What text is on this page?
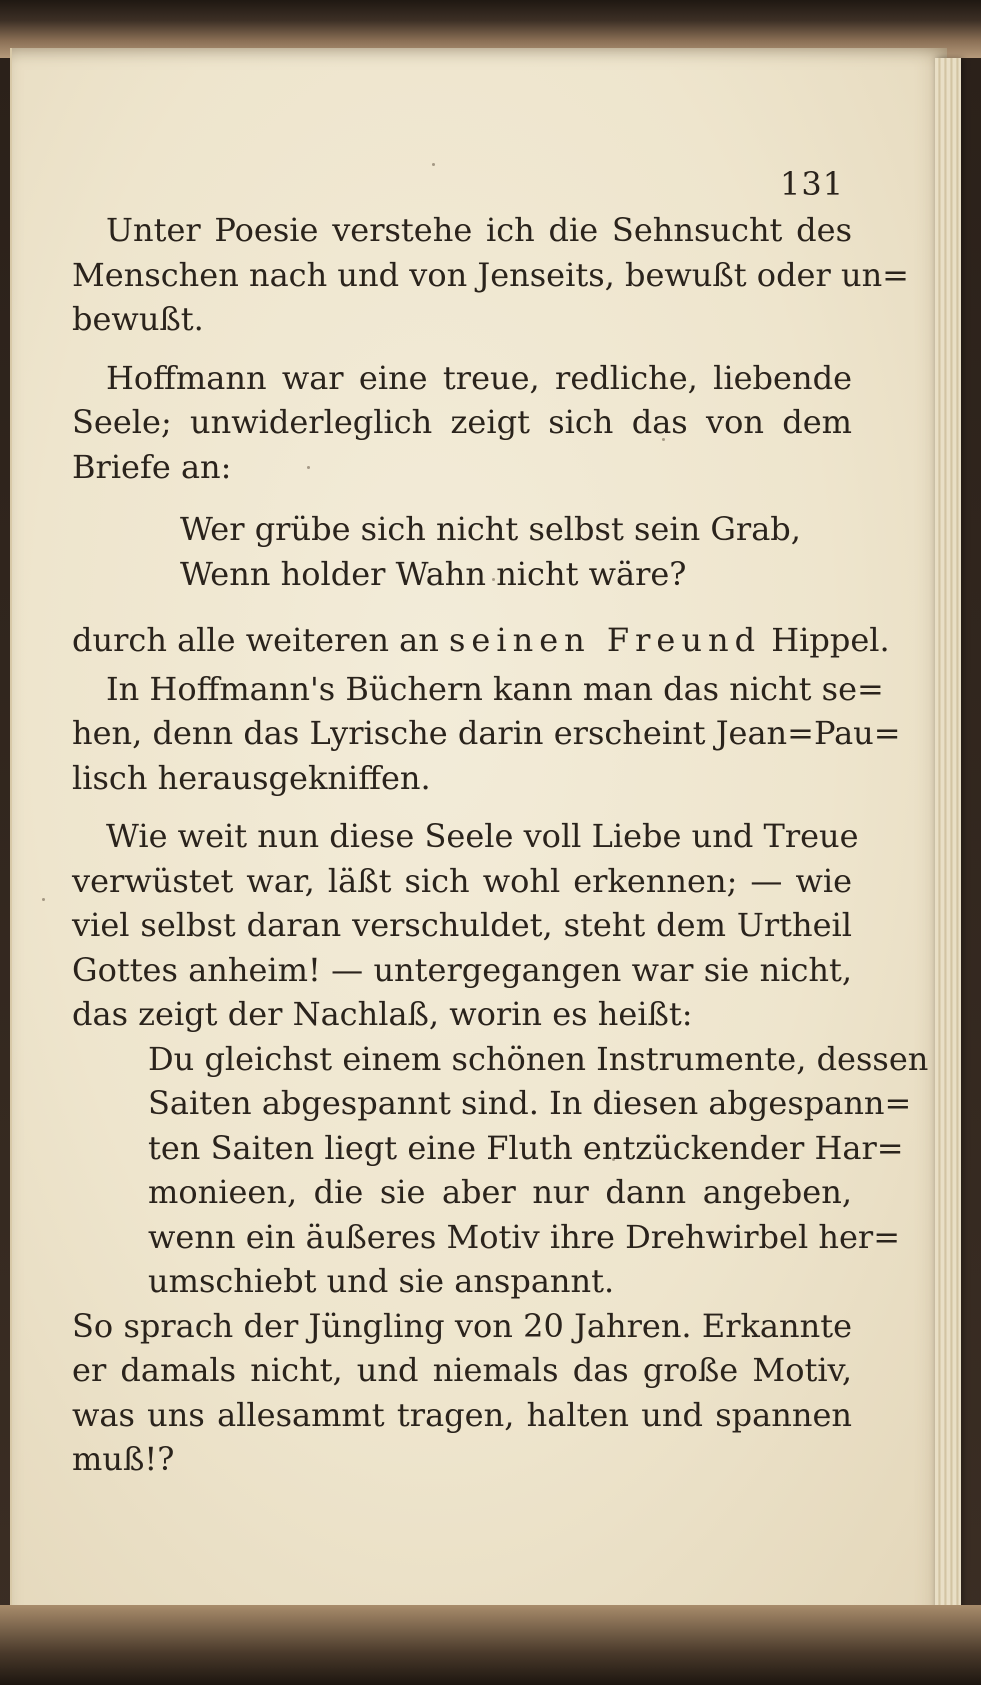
131
Unter Poesie verstehe ich die Sehnsucht des
Menschen nach und von Jenseits, bewußt oder un=
bewußt.
Hoffmann war eine treue, redliche, liebende
Seele; unwiderleglich zeigt sich das von dem
Briefe an:
Wer grübe sich nicht selbst sein Grab,
Wenn holder Wahn nicht wäre?
durch alle weiteren an seinen Freund Hippel.
In Hoffmann's Büchern kann man das nicht se=
hen, denn das Lyrische darin erscheint Jean=Pau=
lisch herausgekniffen.
Wie weit nun diese Seele voll Liebe und Treue
verwüstet war, läßt sich wohl erkennen; — wie
viel selbst daran verschuldet, steht dem Urtheil
Gottes anheim! — untergegangen war sie nicht,
das zeigt der Nachlaß, worin es heißt:
Du gleichst einem schönen Instrumente, dessen
Saiten abgespannt sind. In diesen abgespann=
ten Saiten liegt eine Fluth entzückender Har=
monieen, die sie aber nur dann angeben,
wenn ein äußeres Motiv ihre Drehwirbel her=
umschiebt und sie anspannt.
So sprach der Jüngling von 20 Jahren. Erkannte
er damals nicht, und niemals das große Motiv,
was uns allesammt tragen, halten und spannen
muß!?
